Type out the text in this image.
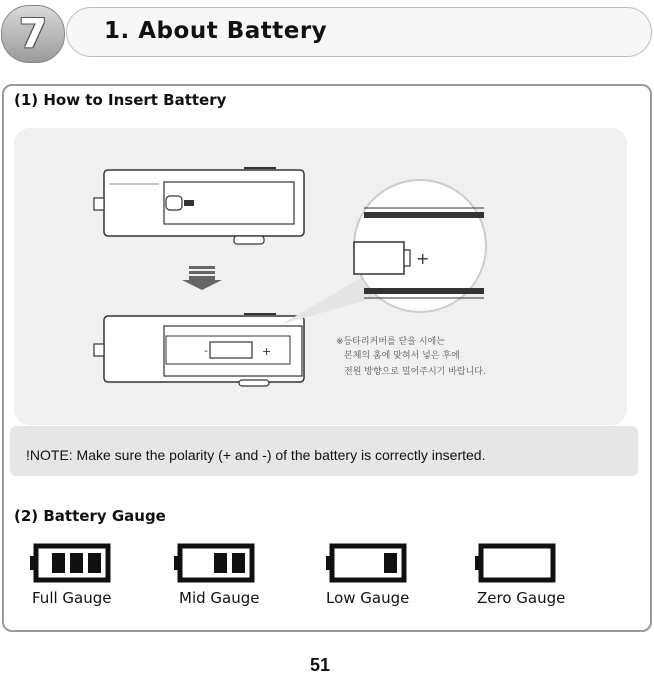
7 1. About Battery
(1) How to Insert Battery
-	+
+
※등타리커버를 닫을 시에는
본체의 홈에 맞혀서 넣은 후에
전원 방향으로 밀어주시기 바랍니다.
!NOTE: Make sure the polarity (+ and -) of the battery is correctly inserted.
(2) Battery Gauge
Full Gauge	Mid Gauge	Low Gauge	Zero Gauge
51
